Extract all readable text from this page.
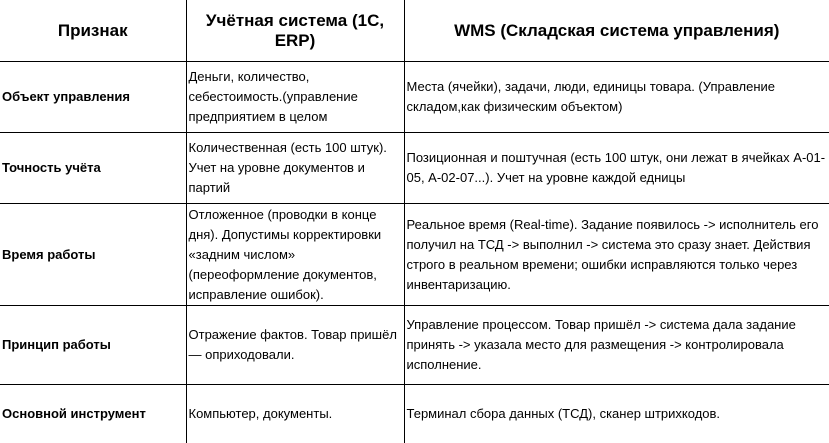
Признак	Учётная система (1С, ERP)	WMS (Складская система управления)
Объект управления	Деньги, количество, себестоимость.(управление предприятием в целом	Места (ячейки), задачи, люди, единицы товара. (Управление складом,как физическим объектом)
Точность учёта	Количественная (есть 100 штук). Учет на уровне документов и партий	Позиционная и поштучная (есть 100 штук, они лежат в ячейках А-01-05, А-02-07...). Учет на уровне каждой едницы
Время работы	Отложенное (проводки в конце дня). Допустимы корректировки «задним числом» (переоформление документов, исправление ошибок).	Реальное время (Real-time). Задание появилось -> исполнитель его получил на ТСД -> выполнил -> система это сразу знает. Действия строго в реальном времени; ошибки исправляются только через инвентаризацию.
Принцип работы	Отражение фактов. Товар пришёл — оприходовали.	Управление процессом. Товар пришёл -> система дала задание принять -> указала место для размещения -> контролировала исполнение.
Основной инструмент	Компьютер, документы.	Терминал сбора данных (ТСД), сканер штрихкодов.
